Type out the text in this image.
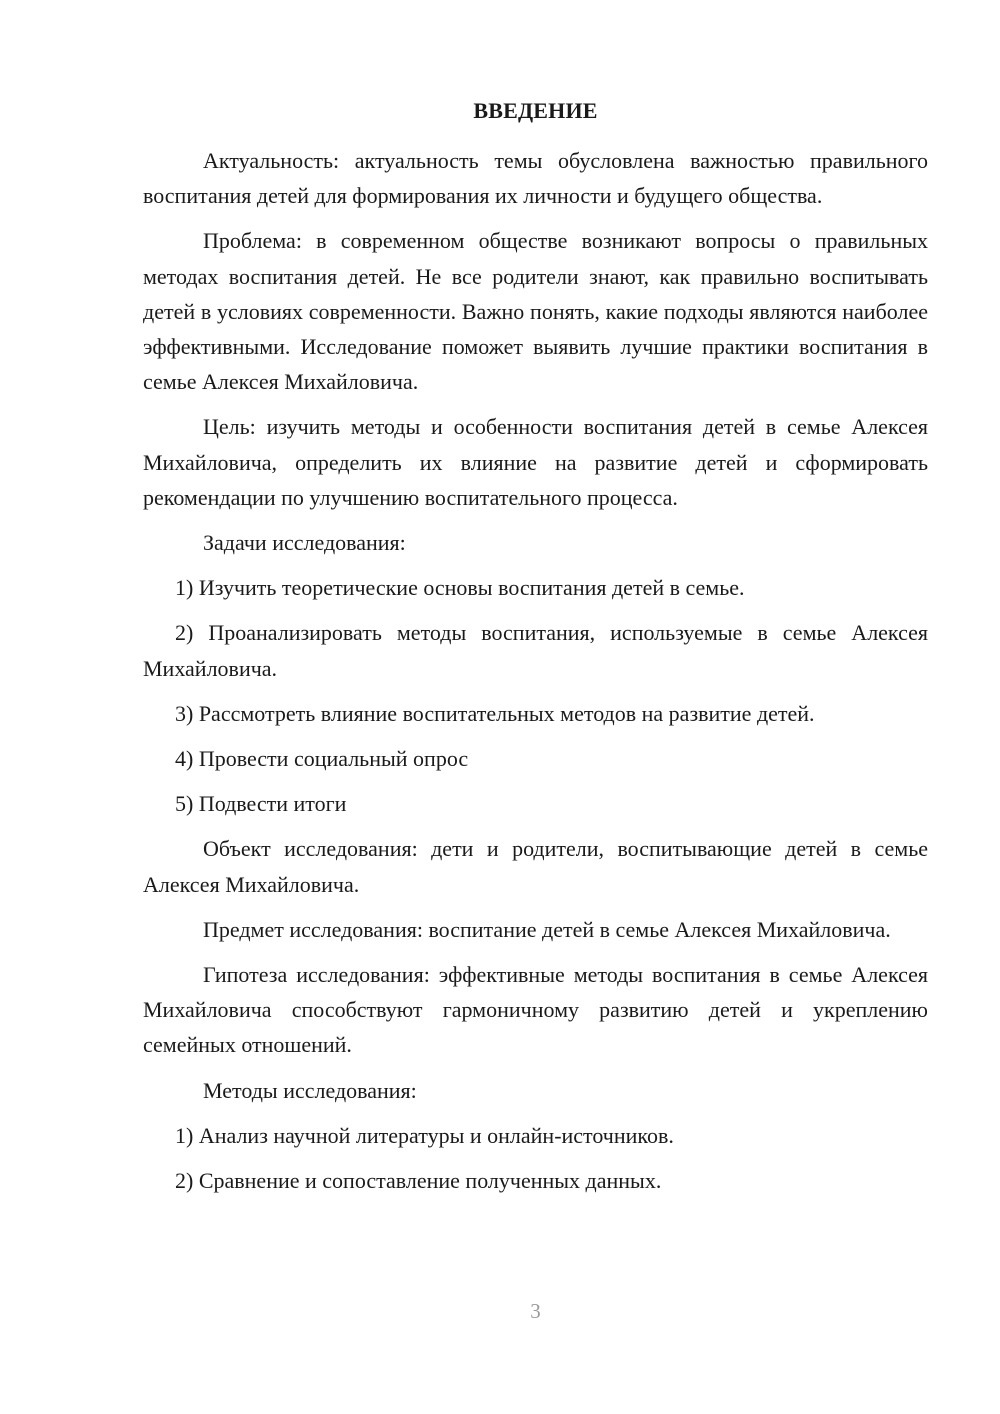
ВВЕДЕНИЕ

Актуальность: актуальность темы обусловлена важностью правильного воспитания детей для формирования их личности и будущего общества.

Проблема: в современном обществе возникают вопросы о правильных методах воспитания детей. Не все родители знают, как правильно воспитывать детей в условиях современности. Важно понять, какие подходы являются наиболее эффективными. Исследование поможет выявить лучшие практики воспитания в семье Алексея Михайловича.

Цель: изучить методы и особенности воспитания детей в семье Алексея Михайловича, определить их влияние на развитие детей и сформировать рекомендации по улучшению воспитательного процесса.

Задачи исследования:

1) Изучить теоретические основы воспитания детей в семье.

2) Проанализировать методы воспитания, используемые в семье Алексея Михайловича.

3) Рассмотреть влияние воспитательных методов на развитие детей.

4) Провести социальный опрос

5) Подвести итоги

Объект исследования: дети и родители, воспитывающие детей в семье Алексея Михайловича.

Предмет исследования: воспитание детей в семье Алексея Михайловича.

Гипотеза исследования: эффективные методы воспитания в семье Алексея Михайловича способствуют гармоничному развитию детей и укреплению семейных отношений.

Методы исследования:

1) Анализ научной литературы и онлайн-источников.

2) Сравнение и сопоставление полученных данных.

3
